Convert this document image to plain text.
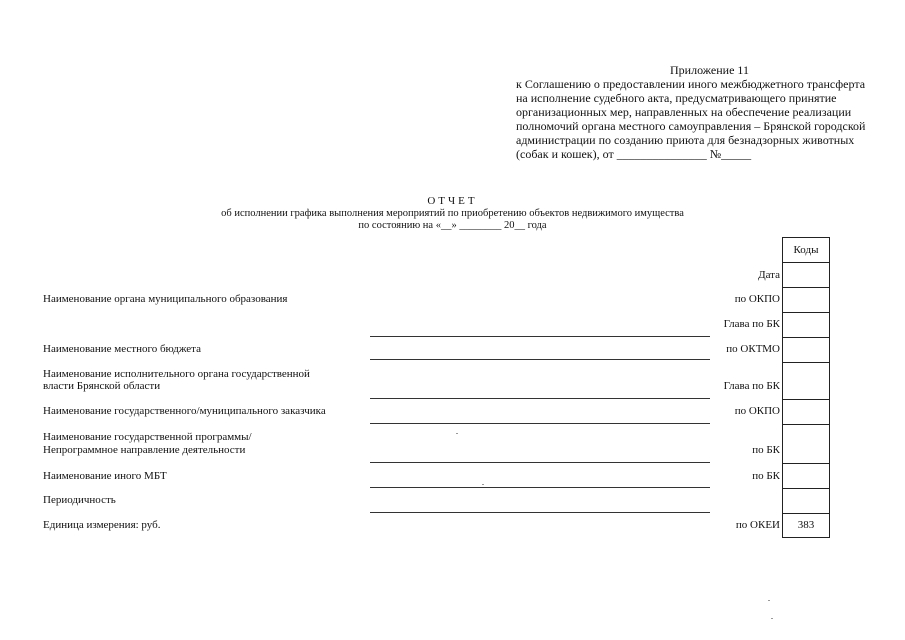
Приложение 11
к Соглашению о предоставлении иного межбюджетного трансферта
на исполнение судебного акта, предусматривающего принятие
организационных мер, направленных на обеспечение реализации
полномочий органа местного самоуправления – Брянской городской
администрации по созданию приюта для безнадзорных животных
(собак и кошек), от _______________ №_____
ОТЧЕТ
об исполнении графика выполнения мероприятий по приобретению объектов недвижимого имущества
по состоянию на «__» ________ 20__ года
Наименование органа муниципального образования
Наименование местного бюджета
Наименование исполнительного органа государственной
власти Брянской области
Наименование государственного/муниципального заказчика
Наименование государственной программы/
Непрограммное направление деятельности
Наименование иного МБТ
Периодичность
Единица измерения: руб.
Дата
по ОКПО
Глава по БК
по ОКТМО
Глава по БК
по ОКПО
по БК
по БК
по ОКЕИ
Коды
383
